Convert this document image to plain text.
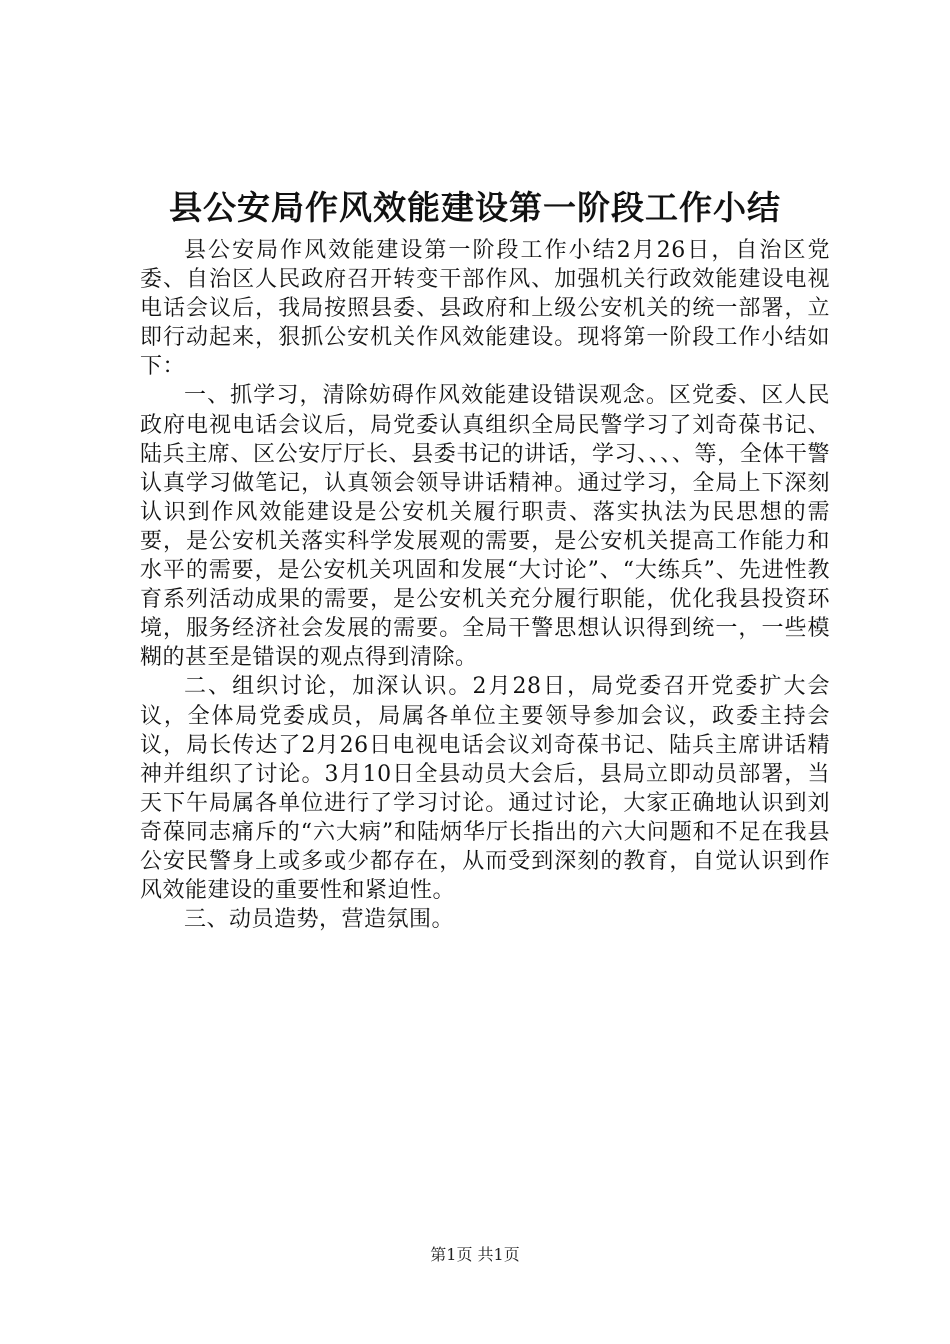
县公安局作风效能建设第一阶段工作小结

县公安局作风效能建设第一阶段工作小结2月26日，自治区党委、自治区人民政府召开转变干部作风、加强机关行政效能建设电视电话会议后，我局按照县委、县政府和上级公安机关的统一部署，立即行动起来，狠抓公安机关作风效能建设。现将第一阶段工作小结如下：

一、抓学习，清除妨碍作风效能建设错误观念。区党委、区人民政府电视电话会议后，局党委认真组织全局民警学习了刘奇葆书记、陆兵主席、区公安厅厅长、县委书记的讲话，学习、、、、等，全体干警认真学习做笔记，认真领会领导讲话精神。通过学习，全局上下深刻认识到作风效能建设是公安机关履行职责、落实执法为民思想的需要，是公安机关落实科学发展观的需要，是公安机关提高工作能力和水平的需要，是公安机关巩固和发展“大讨论”、“大练兵”、先进性教育系列活动成果的需要，是公安机关充分履行职能，优化我县投资环境，服务经济社会发展的需要。全局干警思想认识得到统一，一些模糊的甚至是错误的观点得到清除。

二、组织讨论，加深认识。2月28日，局党委召开党委扩大会议，全体局党委成员，局属各单位主要领导参加会议，政委主持会议，局长传达了2月26日电视电话会议刘奇葆书记、陆兵主席讲话精神并组织了讨论。3月10日全县动员大会后，县局立即动员部署，当天下午局属各单位进行了学习讨论。通过讨论，大家正确地认识到刘奇葆同志痛斥的“六大病”和陆炳华厅长指出的六大问题和不足在我县公安民警身上或多或少都存在，从而受到深刻的教育，自觉认识到作风效能建设的重要性和紧迫性。

三、动员造势，营造氛围。

第1页 共1页
